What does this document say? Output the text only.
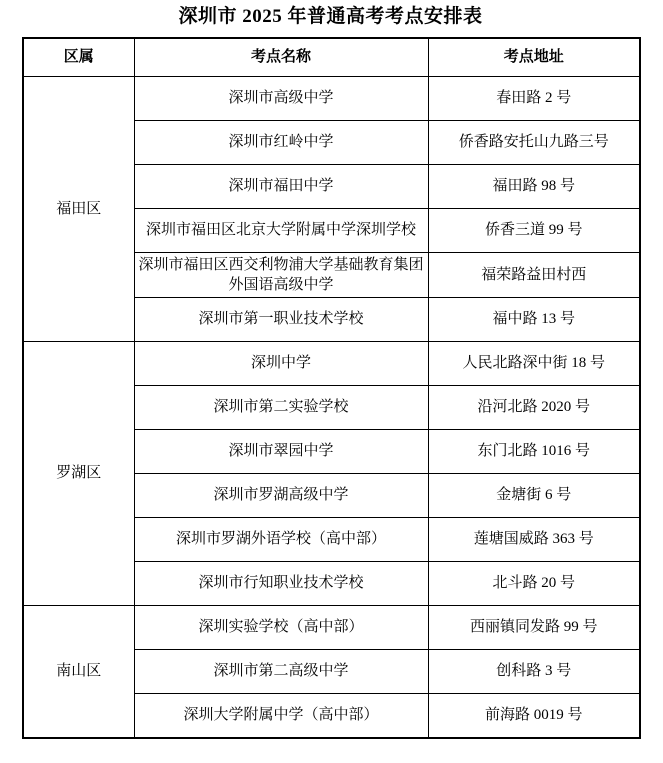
深圳市 2025 年普通高考考点安排表
区属	考点名称	考点地址
福田区	深圳市高级中学	春田路 2 号
	深圳市红岭中学	侨香路安托山九路三号
	深圳市福田中学	福田路 98 号
	深圳市福田区北京大学附属中学深圳学校	侨香三道 99 号
	深圳市福田区西交利物浦大学基础教育集团外国语高级中学	福荣路益田村西
	深圳市第一职业技术学校	福中路 13 号
罗湖区	深圳中学	人民北路深中街 18 号
	深圳市第二实验学校	沿河北路 2020 号
	深圳市翠园中学	东门北路 1016 号
	深圳市罗湖高级中学	金塘街 6 号
	深圳市罗湖外语学校（高中部）	莲塘国威路 363 号
	深圳市行知职业技术学校	北斗路 20 号
南山区	深圳实验学校（高中部）	西丽镇同发路 99 号
	深圳市第二高级中学	创科路 3 号
	深圳大学附属中学（高中部）	前海路 0019 号
